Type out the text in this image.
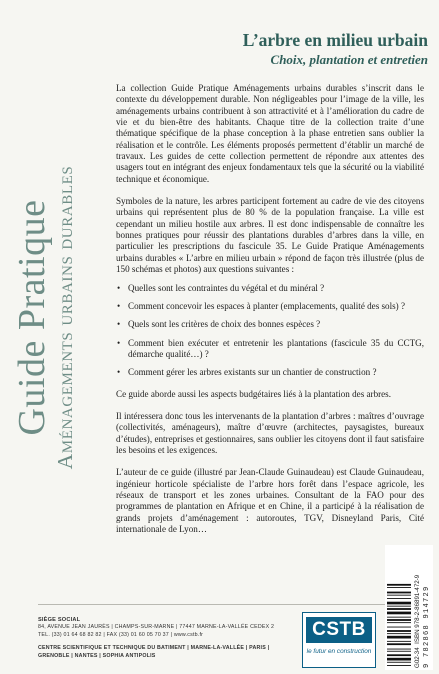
Guide Pratique Aménagements urbains durables
L’arbre en milieu urbain
Choix, plantation et entretien

La collection Guide Pratique Aménagements urbains durables s’inscrit dans le contexte du développement durable. Non négligeables pour l’image de la ville, les aménagements urbains contribuent à son attractivité et à l’amélioration du cadre de vie et du bien-être des habitants. Chaque titre de la collection traite d’une thématique spécifique de la phase conception à la phase entretien sans oublier la réalisation et le contrôle. Les éléments proposés permettent d’établir un marché de travaux. Les guides de cette collection permettent de répondre aux attentes des usagers tout en intégrant des enjeux fondamentaux tels que la sécurité ou la viabilité technique et économique.

Symboles de la nature, les arbres participent fortement au cadre de vie des citoyens urbains qui représentent plus de 80 % de la population française. La ville est cependant un milieu hostile aux arbres. Il est donc indispensable de connaître les bonnes pratiques pour réussir des plantations durables d’arbres dans la ville, en particulier les prescriptions du fascicule 35. Le Guide Pratique Aménagements urbains durables « L’arbre en milieu urbain » répond de façon très illustrée (plus de 150 schémas et photos) aux questions suivantes :

• Quelles sont les contraintes du végétal et du minéral ?
• Comment concevoir les espaces à planter (emplacements, qualité des sols) ?
• Quels sont les critères de choix des bonnes espèces ?
• Comment bien exécuter et entretenir les plantations (fascicule 35 du CCTG, démarche qualité…) ?
• Comment gérer les arbres existants sur un chantier de construction ?

Ce guide aborde aussi les aspects budgétaires liés à la plantation des arbres.

Il intéressera donc tous les intervenants de la plantation d’arbres : maîtres d’ouvrage (collectivités, aménageurs), maître d’œuvre (architectes, paysagistes, bureaux d’études), entreprises et gestionnaires, sans oublier les citoyens dont il faut satisfaire les besoins et les exigences.

L’auteur de ce guide (illustré par Jean-Claude Guinaudeau) est Claude Guinaudeau, ingénieur horticole spécialiste de l’arbre hors forêt dans l’espace agricole, les réseaux de transport et les zones urbaines. Consultant de la FAO pour des programmes de plantation en Afrique et en Chine, il a participé à la réalisation de grands projets d’aménagement : autoroutes, TGV, Disneyland Paris, Cité internationale de Lyon…

SIÈGE SOCIAL
84, AVENUE JEAN JAURÈS | CHAMPS-SUR-MARNE | 77447 MARNE-LA-VALLÉE CEDEX 2
TEL. (33) 01 64 68 82 82 | FAX (33) 01 60 05 70 37 | www.cstb.fr
CENTRE SCIENTIFIQUE ET TECHNIQUE DU BATIMENT | MARNE-LA-VALLÉE | PARIS | GRENOBLE | NANTES | SOPHIA ANTIPOLIS
CSTB
le futur en construction	G02-34  ISBN 978-2-86891-472-9 9 782868 914729
